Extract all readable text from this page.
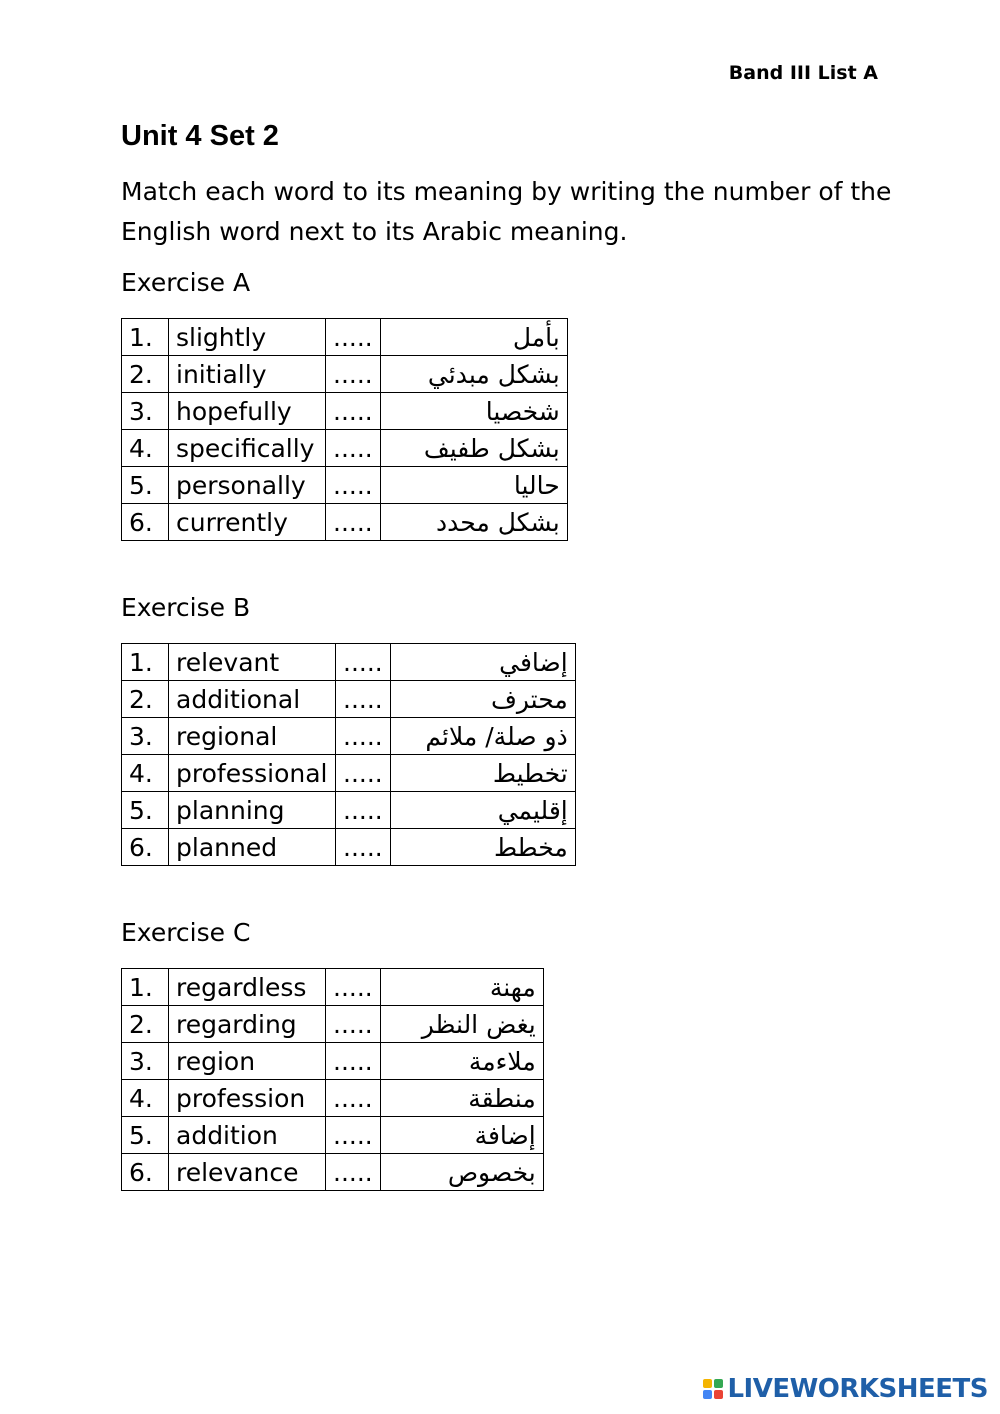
Band III List A
Unit 4 Set 2

Match each word to its meaning by writing the number of the English word next to its Arabic meaning.

Exercise A
1.	slightly	.....	بأمل
2.	initially	.....	بشكل مبدئي
3.	hopefully	.....	شخصيا
4.	specifically	.....	بشكل طفيف
5.	personally	.....	حاليا
6.	currently	.....	بشكل محدد
Exercise B
1.	relevant	.....	إضافي
2.	additional	.....	محترف
3.	regional	.....	ذو صلة/ ملائم
4.	professional	.....	تخطيط
5.	planning	.....	إقليمي
6.	planned	.....	مخطط
Exercise C
1.	regardless	.....	مهنة
2.	regarding	.....	يغض النظر
3.	region	.....	ملاءمة
4.	profession	.....	منطقة
5.	addition	.....	إضافة
6.	relevance	.....	بخصوص
LIVEWORKSHEETS
